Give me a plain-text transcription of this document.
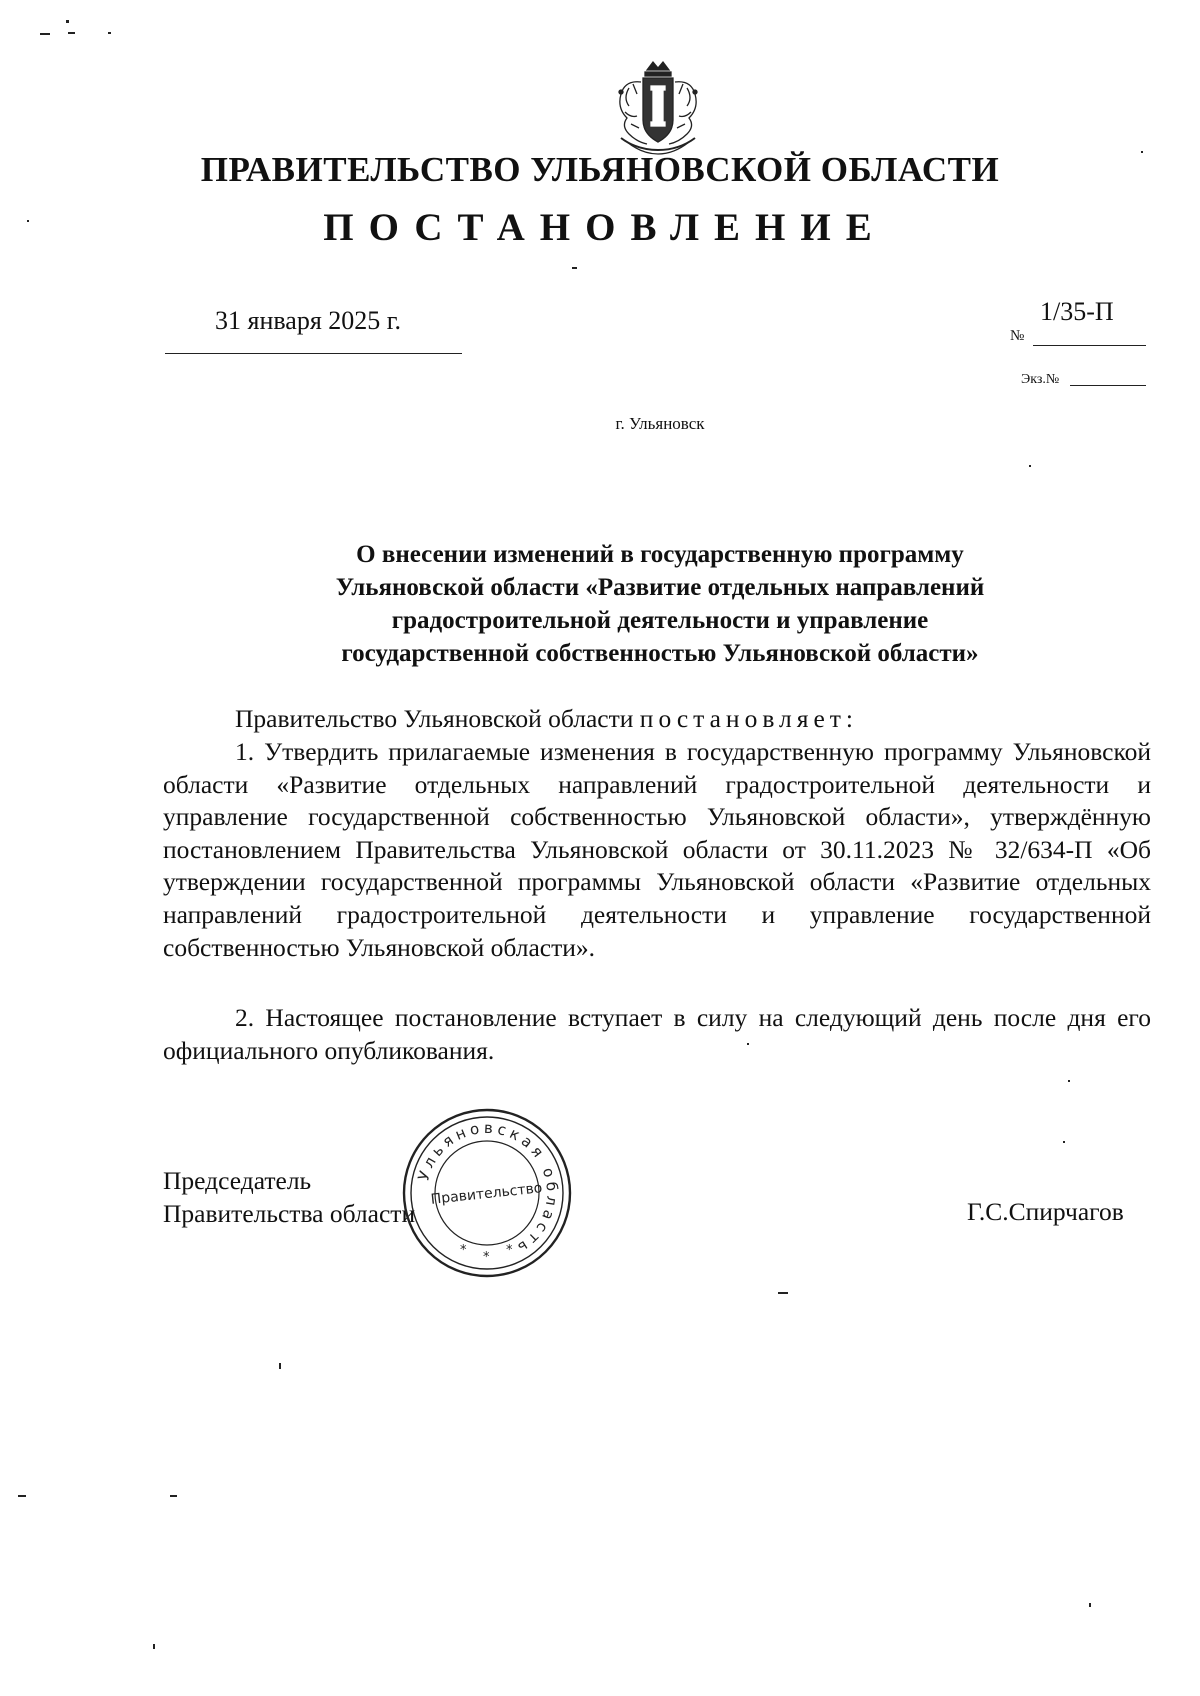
ПРАВИТЕЛЬСТВО УЛЬЯНОВСКОЙ ОБЛАСТИ
ПОСТАНОВЛЕНИЕ
31 января 2025 г.	1/35-П
№
Экз.№
г. Ульяновск
О внесении изменений в государственную программу
Ульяновской области «Развитие отдельных направлений
градостроительной деятельности и управление
государственной собственностью Ульяновской области»
Правительство Ульяновской области постановляет:
1. Утвердить прилагаемые изменения в государственную программу Ульяновской области «Развитие отдельных направлений градостроительной деятельности и управление государственной собственностью Ульяновской области», утверждённую постановлением Правительства Ульяновской области от 30.11.2023 № 32/634-П «Об утверждении государственной программы Ульяновской области «Развитие отдельных направлений градостроительной деятельности и управление государственной собственностью Ульяновской области».
2. Настоящее постановление вступает в силу на следующий день после дня его официального опубликования.
Председатель
Правительства области	Г.С.Спирчагов
Ульяновская область
Правительство
* * *
